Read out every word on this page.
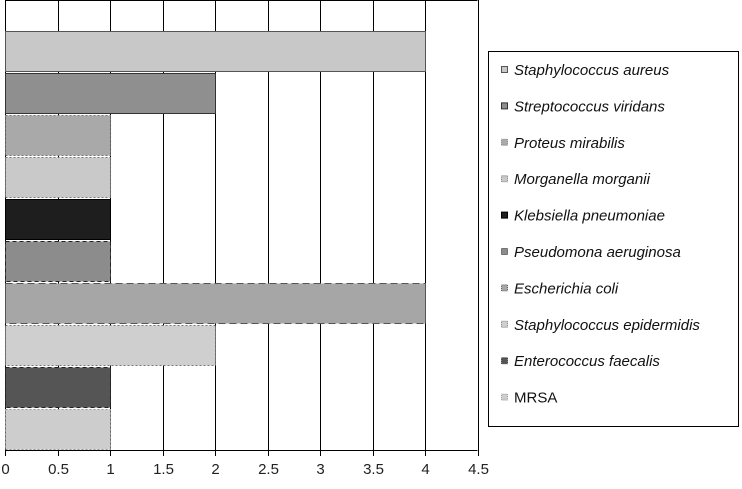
0	0.5 1	1.5 2	2.5 3	3.5 4	4.5
Staphylococcus aureus
Streptococcus viridans
Proteus mirabilis
Morganella morganii
Klebsiella pneumoniae
Pseudomona aeruginosa
Escherichia coli
Staphylococcus epidermidis
Enterococcus faecalis
MRSA
